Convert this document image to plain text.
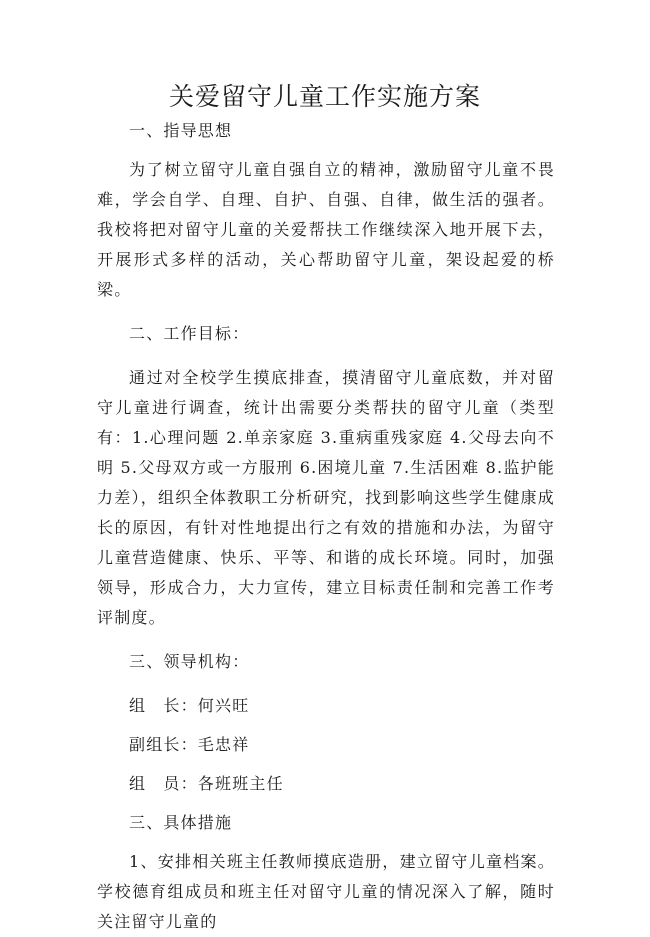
关爱留守儿童工作实施方案
一、指导思想

为了树立留守儿童自强自立的精神，激励留守儿童不畏难，学会自学、自理、自护、自强、自律，做生活的强者。我校将把对留守儿童的关爱帮扶工作继续深入地开展下去，开展形式多样的活动，关心帮助留守儿童，架设起爱的桥梁。

二、工作目标：

通过对全校学生摸底排查，摸清留守儿童底数，并对留守儿童进行调查，统计出需要分类帮扶的留守儿童（类型有：1.心理问题 2.单亲家庭 3.重病重残家庭 4.父母去向不明 5.父母双方或一方服刑 6.困境儿童 7.生活困难 8.监护能力差），组织全体教职工分析研究，找到影响这些学生健康成长的原因，有针对性地提出行之有效的措施和办法，为留守儿童营造健康、快乐、平等、和谐的成长环境。同时，加强领导，形成合力，大力宣传，建立目标责任制和完善工作考评制度。

三、领导机构：
组　长：何兴旺
副组长：毛忠祥
组　员：各班班主任
三、具体措施

1、安排相关班主任教师摸底造册，建立留守儿童档案。学校德育组成员和班主任对留守儿童的情况深入了解，随时关注留守儿童的
